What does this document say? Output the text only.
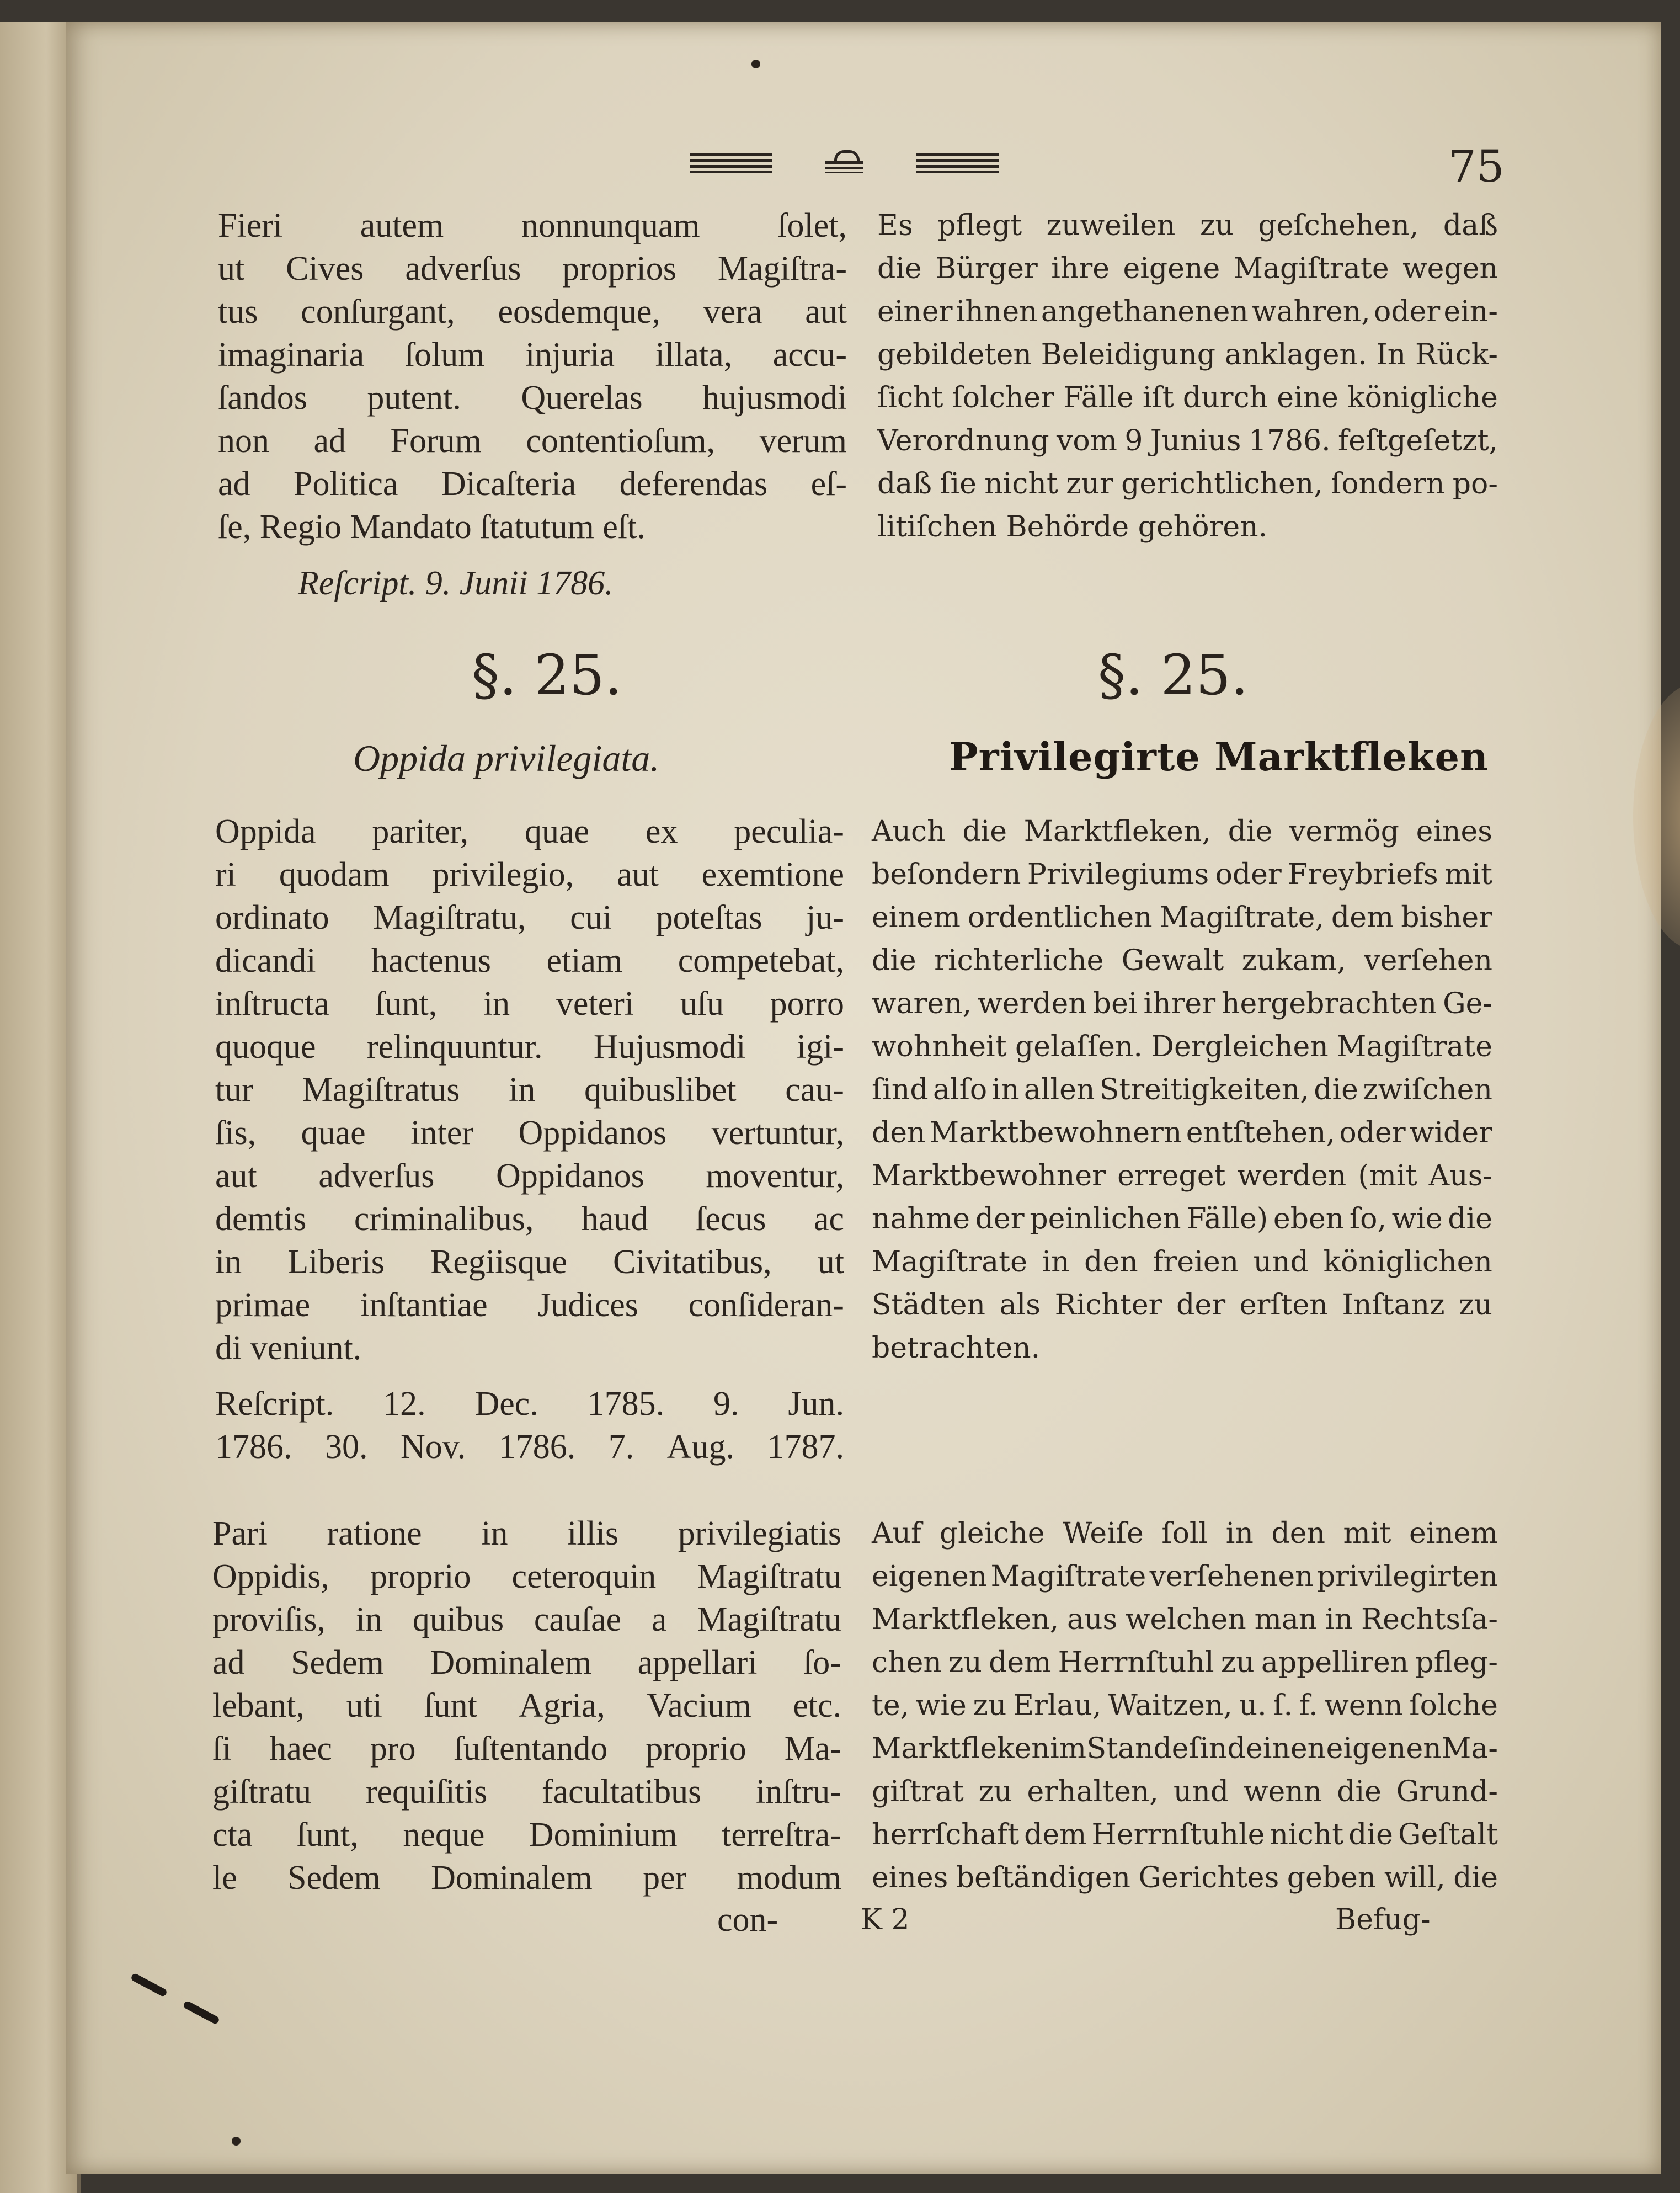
75
Fieri autem nonnunquam ſolet,
ut Cives adverſus proprios Magiſtra-
tus conſurgant, eosdemque, vera aut
imaginaria ſolum injuria illata, accu-
ſandos putent. Querelas hujusmodi
non ad Forum contentioſum, verum
ad Politica Dicaſteria deferendas eſ-
ſe, Regio Mandato ſtatutum eſt.
Reſcript. 9. Junii 1786.
§. 25.
Oppida privilegiata.
Oppida pariter, quae ex peculia-
ri quodam privilegio, aut exemtione
ordinato Magiſtratu, cui poteſtas ju-
dicandi hactenus etiam competebat,
inſtructa ſunt, in veteri uſu porro
quoque relinquuntur. Hujusmodi igi-
tur Magiſtratus in quibuslibet cau-
ſis, quae inter Oppidanos vertuntur,
aut adverſus Oppidanos moventur,
demtis criminalibus, haud ſecus ac
in Liberis Regiisque Civitatibus, ut
primae inſtantiae Judices conſideran-
di veniunt.
Reſcript. 12. Dec. 1785. 9. Jun.
1786. 30. Nov. 1786. 7. Aug. 1787.
Pari ratione in illis privilegiatis
Oppidis, proprio ceteroquin Magiſtratu
proviſis, in quibus cauſae a Magiſtratu
ad Sedem Dominalem appellari ſo-
lebant, uti ſunt Agria, Vacium etc.
ſi haec pro ſuſtentando proprio Ma-
giſtratu requiſitis facultatibus inſtru-
cta ſunt, neque Dominium terreſtra-
le Sedem Dominalem per modum
con-
Es pflegt zuweilen zu geſchehen, daß
die Bürger ihre eigene Magiſtrate wegen
einer ihnen angethanenen wahren, oder ein-
gebildeten Beleidigung anklagen. In Rück-
ſicht ſolcher Fälle iſt durch eine königliche
Verordnung vom 9 Junius 1786. feſtgeſetzt,
daß ſie nicht zur gerichtlichen, ſondern po-
litiſchen Behörde gehören.
§. 25.
Privilegirte Marktfleken
Auch die Marktfleken, die vermög eines
beſondern Privilegiums oder Freybriefs mit
einem ordentlichen Magiſtrate, dem bisher
die richterliche Gewalt zukam, verſehen
waren, werden bei ihrer hergebrachten Ge-
wohnheit gelaſſen. Dergleichen Magiſtrate
ſind alſo in allen Streitigkeiten, die zwiſchen
den Marktbewohnern entſtehen, oder wider
Marktbewohner erreget werden (mit Aus-
nahme der peinlichen Fälle) eben ſo, wie die
Magiſtrate in den freien und königlichen
Städten als Richter der erſten Inſtanz zu
betrachten.
Auf gleiche Weiſe ſoll in den mit einem
eigenen Magiſtrate verſehenen privilegirten
Marktfleken, aus welchen man in Rechtsſa-
chen zu dem Herrnſtuhl zu appelliren pfleg-
te, wie zu Erlau, Waitzen, u. ſ. f. wenn ſolche
Marktfleken im Stande ſind einen eigenen Ma-
giſtrat zu erhalten, und wenn die Grund-
herrſchaft dem Herrnſtuhle nicht die Geſtalt
eines beſtändigen Gerichtes geben will, die
K 2	Befug-
